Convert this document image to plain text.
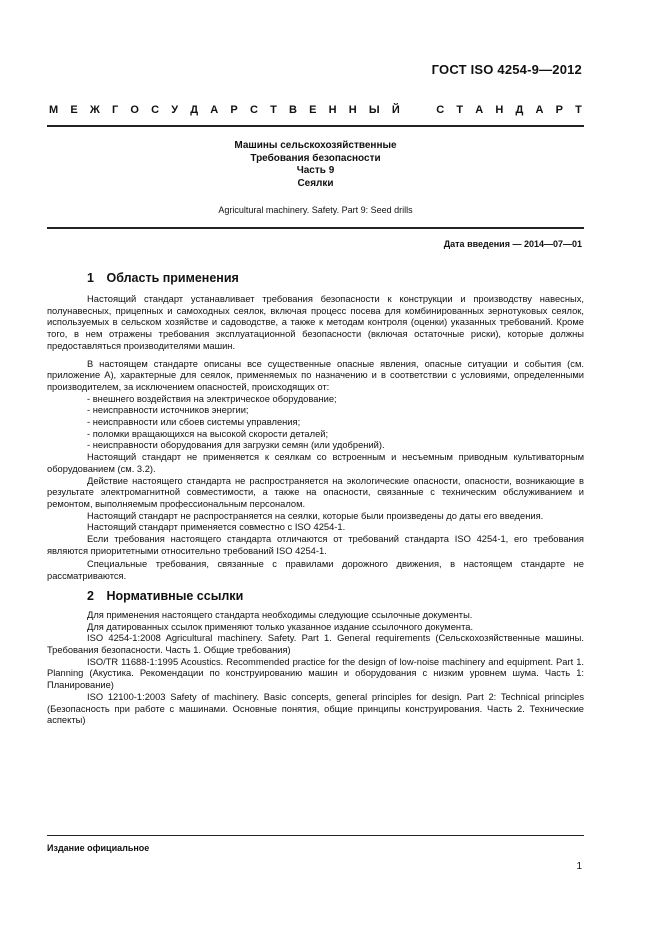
ГОСТ ISO 4254-9—2012
М Е Ж Г О С У Д А Р С Т В Е Н Н Ы Й	С Т А Н Д А Р Т
Машины сельскохозяйственные
Требования безопасности
Часть 9
Сеялки
Agricultural machinery. Safety. Part 9: Seed drills
Дата введения — 2014—07—01
1 Область применения

Настоящий стандарт устанавливает требования безопасности к конструкции и производству навесных, полунавесных, прицепных и самоходных сеялок, включая процесс посева для комбинированных зернотуковых сеялок, используемых в сельском хозяйстве и садоводстве, а также к методам контроля (оценки) указанных требований. Кроме того, в нем отражены требования эксплуатационной безопасности (включая остаточные риски), которые должны предоставляться производителями машин.

В настоящем стандарте описаны все существенные опасные явления, опасные ситуации и события (см. приложение А), характерные для сеялок, применяемых по назначению и в соответствии с условиями, определенными производителем, за исключением опасностей, происходящих от:

- внешнего воздействия на электрическое оборудование;

- неисправности источников энергии;

- неисправности или сбоев системы управления;

- поломки вращающихся на высокой скорости деталей;

- неисправности оборудования для загрузки семян (или удобрений).

Настоящий стандарт не применяется к сеялкам со встроенным и несъемным приводным культиваторным оборудованием (см. 3.2).

Действие настоящего стандарта не распространяется на экологические опасности, опасности, возникающие в результате электромагнитной совместимости, а также на опасности, связанные с техническим обслуживанием и ремонтом, выполняемым профессиональным персоналом.

Настоящий стандарт не распространяется на сеялки, которые были произведены до даты его введения.

Настоящий стандарт применяется совместно с ISO 4254-1.

Если требования настоящего стандарта отличаются от требований стандарта ISO 4254-1, его требования являются приоритетными относительно требований ISO 4254-1.

Специальные требования, связанные с правилами дорожного движения, в настоящем стандарте не рассматриваются.

2 Нормативные ссылки

Для применения настоящего стандарта необходимы следующие ссылочные документы.

Для датированных ссылок применяют только указанное издание ссылочного документа.

ISO 4254-1:2008 Agricultural machinery. Safety. Part 1. General requirements (Сельскохозяйственные машины. Требования безопасности. Часть 1. Общие требования)

ISO/TR 11688-1:1995 Acoustics. Recommended practice for the design of low-noise machinery and equipment. Part 1. Planning (Акустика. Рекомендации по конструированию машин и оборудования с низким уровнем шума. Часть 1: Планирование)

ISO 12100-1:2003 Safety of machinery. Basic concepts, general principles for design. Part 2: Technical principles (Безопасность при работе с машинами. Основные понятия, общие принципы конструирования. Часть 2. Технические аспекты)

Издание официальное
1
